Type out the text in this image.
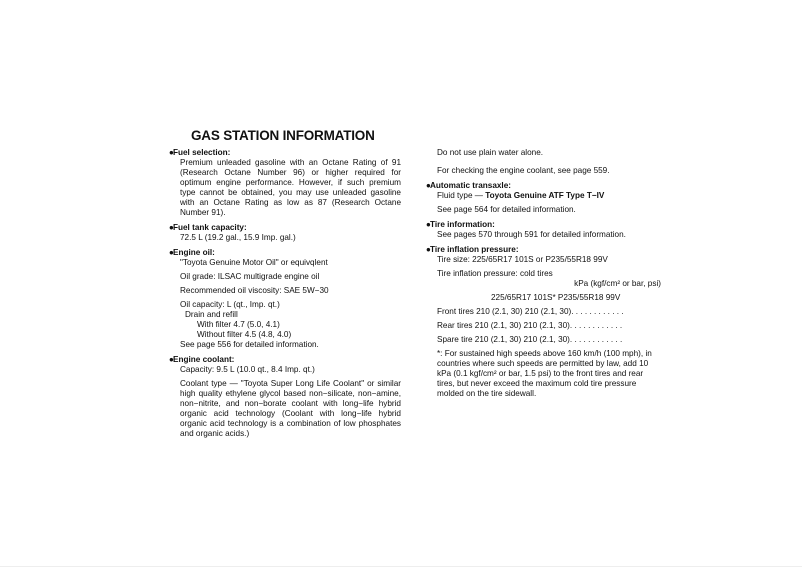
GAS STATION INFORMATION
●Fuel selection:
Premium unleaded gasoline with an Octane Rating of 91 (Research Octane Number 96) or higher required for optimum engine performance. However, if such premium type cannot be obtained, you may use unleaded gasoline with an Octane Rating as low as 87 (Research Octane Number 91).
●Fuel tank capacity:
72.5 L (19.2 gal., 15.9 Imp. gal.)
●Engine oil:
"Toyota Genuine Motor Oil" or equivqlent
Oil grade: ILSAC multigrade engine oil
Recommended oil viscosity: SAE 5W−30
Oil capacity: L (qt., Imp. qt.)
Drain and refill
With filter 4.7 (5.0, 4.1)
Without filter 4.5 (4.8, 4.0)
See page 556 for detailed information.
●Engine coolant:
Capacity: 9.5 L (10.0 qt., 8.4 Imp. qt.)
Coolant type — "Toyota Super Long Life Coolant" or similar high quality ethylene glycol based non−silicate, non−amine, non−nitrite, and non−borate coolant with long−life hybrid organic acid technology (Coolant with long−life hybrid organic acid technology is a combination of low phosphates and organic acids.)
Do not use plain water alone.
For checking the engine coolant, see page 559.
●Automatic transaxle:
Fluid type — Toyota Genuine ATF Type T−IV
See page 564 for detailed information.
●Tire information:
See pages 570 through 591 for detailed information.
●Tire inflation pressure:
Tire size: 225/65R17 101S or P235/55R18 99V
Tire inflation pressure: cold tires
kPa (kgf/cm² or bar, psi)
225/65R17 101S* P235/55R18 99V
Front tires 210 (2.1, 30) 210 (2.1, 30). . . . . . . . . . . .
Rear tires 210 (2.1, 30) 210 (2.1, 30). . . . . . . . . . . .
Spare tire 210 (2.1, 30) 210 (2.1, 30). . . . . . . . . . . .
*: For sustained high speeds above 160 km/h (100 mph), in countries where such speeds are permitted by law, add 10 kPa (0.1 kgf/cm² or bar, 1.5 psi) to the front tires and rear tires, but never exceed the maximum cold tire pressure molded on the tire sidewall.
